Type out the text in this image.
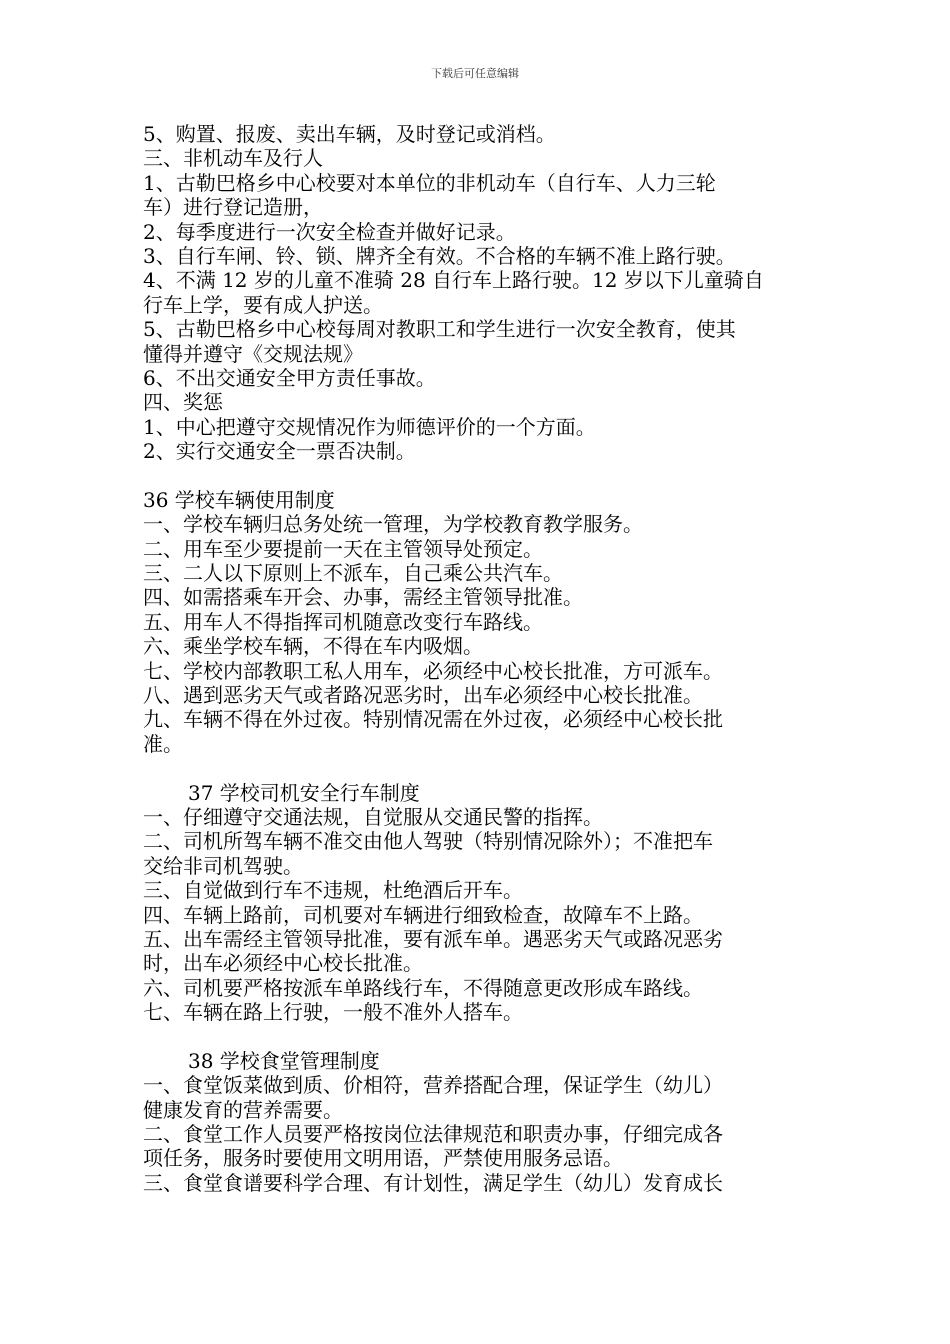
下载后可任意编辑
5、购置、报废、卖出车辆，及时登记或消档。
三、非机动车及行人
1、古勒巴格乡中心校要对本单位的非机动车（自行车、人力三轮
车）进行登记造册，
2、每季度进行一次安全检查并做好记录。
3、自行车闸、铃、锁、牌齐全有效。不合格的车辆不准上路行驶。
4、不满 12 岁的儿童不准骑 28 自行车上路行驶。12 岁以下儿童骑自
行车上学，要有成人护送。
5、古勒巴格乡中心校每周对教职工和学生进行一次安全教育，使其
懂得并遵守《交规法规》
6、不出交通安全甲方责任事故。
四、奖惩
1、中心把遵守交规情况作为师德评价的一个方面。
2、实行交通安全一票否决制。
36 学校车辆使用制度
一、学校车辆归总务处统一管理，为学校教育教学服务。
二、用车至少要提前一天在主管领导处预定。
三、二人以下原则上不派车，自己乘公共汽车。
四、如需搭乘车开会、办事，需经主管领导批准。
五、用车人不得指挥司机随意改变行车路线。
六、乘坐学校车辆，不得在车内吸烟。
七、学校内部教职工私人用车，必须经中心校长批准，方可派车。
八、遇到恶劣天气或者路况恶劣时，出车必须经中心校长批准。
九、车辆不得在外过夜。特别情况需在外过夜，必须经中心校长批
准。
37 学校司机安全行车制度
一、仔细遵守交通法规，自觉服从交通民警的指挥。
二、司机所驾车辆不准交由他人驾驶（特别情况除外）；不准把车
交给非司机驾驶。
三、自觉做到行车不违规，杜绝酒后开车。
四、车辆上路前，司机要对车辆进行细致检查，故障车不上路。
五、出车需经主管领导批准，要有派车单。遇恶劣天气或路况恶劣
时，出车必须经中心校长批准。
六、司机要严格按派车单路线行车，不得随意更改形成车路线。
七、车辆在路上行驶，一般不准外人搭车。
38 学校食堂管理制度
一、食堂饭菜做到质、价相符，营养搭配合理，保证学生（幼儿）
健康发育的营养需要。
二、食堂工作人员要严格按岗位法律规范和职责办事，仔细完成各
项任务，服务时要使用文明用语，严禁使用服务忌语。
三、食堂食谱要科学合理、有计划性，满足学生（幼儿）发育成长
